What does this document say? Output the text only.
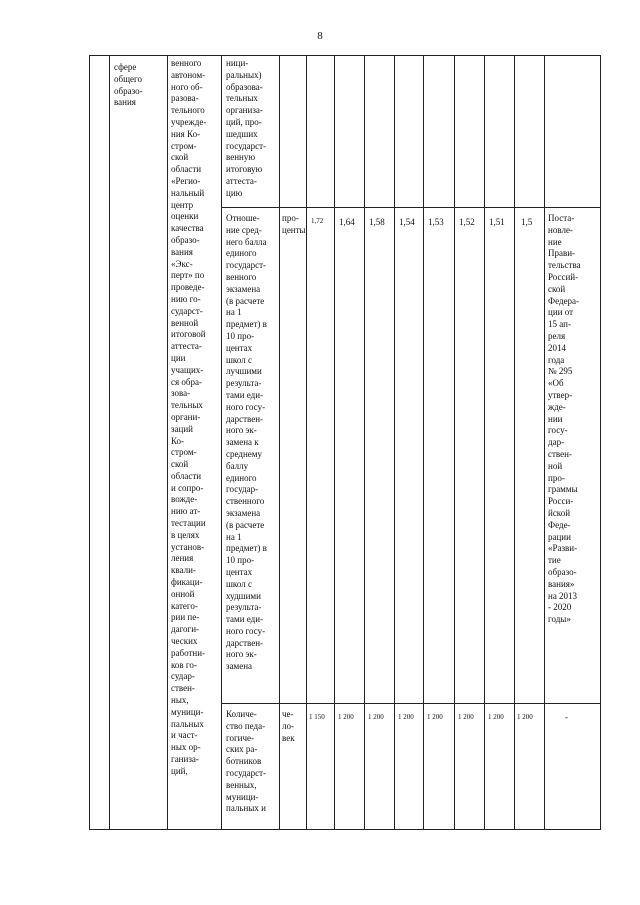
8
сфере
общего
образо-
вания
венного
автоном-
ного об-
разова-
тельного
учрежде-
ния Ко-
стром-
ской
области
«Регио-
нальный
центр
оценки
качества
образо-
вания
«Экс-
перт» по
проведе-
нию го-
сударст-
венной
итоговой
аттеста-
ции
учащих-
ся обра-
зова-
тельных
органи-
заций
Ко-
стром-
ской
области
и сопро-
вожде-
нию ат-
тестации
в целях
установ-
ления
квали-
фикаци-
онной
катего-
рии пе-
дагоги-
ческих
работни-
ков го-
судар-
ствен-
ных,
муници-
пальных
и част-
ных ор-
ганиза-
ций,
ници-
pальных)
образова-
тельных
организа-
ций, про-
шедших
государст-
венную
итоговую
аттеста-
цию
Отноше-
ние сред-
него балла
единого
государст-
венного
экзамена
(в расчете
на 1
предмет) в
10 про-
центах
школ с
лучшими
результа-
тами еди-
ного госу-
дарствен-
ного эк-
замена к
среднему
баллу
единого
государ-
ственного
экзамена
(в расчете
на 1
предмет) в
10 про-
центах
школ с
худшими
результа-
тами еди-
ного госу-
дарствен-
ного эк-
замена
про-
центы
1,72 1,64 1,58 1,54 1,53 1,52 1,51 1,5 Поста-
новле-
ние
Прави-
тельства
Россий-
ской
Федера-
ции от
15 ап-
реля
2014
года
№ 295
«Об
утвер-
жде-
нии
госу-
дар-
ствен-
ной
про-
граммы
Росси-
йской
Феде-
рации
«Разви-
тие
образо-
вания»
на 2013
- 2020
годы»
Количе-
ство педа-
гогиче-
ских ра-
ботников
государст-
венных,
муници-
пальных и
че-
ло-
век
1 150 1 200 1 200 1 200 1 200 1 200 1 200 1 200	-
